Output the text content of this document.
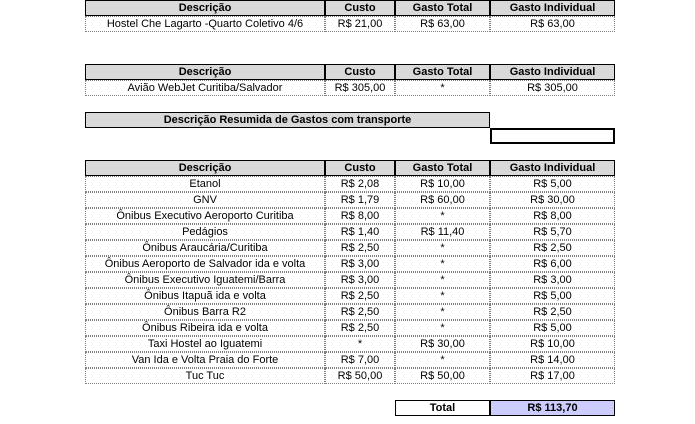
	Descrição	Custo	Gasto Total	Gasto Individual	

	Hostel Che Lagarto -Quarto Coletivo 4/6	R$ 21,00	R$ 63,00	R$ 63,00	

	Descrição	Custo	Gasto Total	Gasto Individual	

	Avião WebJet Curitiba/Salvador	R$ 305,00	*	R$ 305,00	

	Descrição Resumida de Gastos com transporte				

	Descrição	Custo	Gasto Total	Gasto Individual	

	Etanol	R$ 2,08	R$ 10,00	R$ 5,00	

	GNV	R$ 1,79	R$ 60,00	R$ 30,00	

	Ônibus Executivo Aeroporto Curitiba	R$ 8,00	*	R$ 8,00	

	Pedágios	R$ 1,40	R$ 11,40	R$ 5,70	

	Ônibus Araucária/Curitiba	R$ 2,50	*	R$ 2,50	

	Ônibus Aeroporto de Salvador ida e volta	R$ 3,00	*	R$ 6,00	

	Ônibus Executivo Iguatemi/Barra	R$ 3,00	*	R$ 3,00	

	Ônibus Itapuã ida e volta	R$ 2,50	*	R$ 5,00	

	Ônibus Barra R2	R$ 2,50	*	R$ 2,50	

	Ônibus Ribeira ida e volta	R$ 2,50	*	R$ 5,00	

	Taxi Hostel ao Iguatemi	*	R$ 30,00	R$ 10,00	

	Van Ida e Volta Praia do Forte	R$ 7,00	*	R$ 14,00	

	Tuc Tuc	R$ 50,00	R$ 50,00	R$ 17,00	

			Total	R$ 113,70	
